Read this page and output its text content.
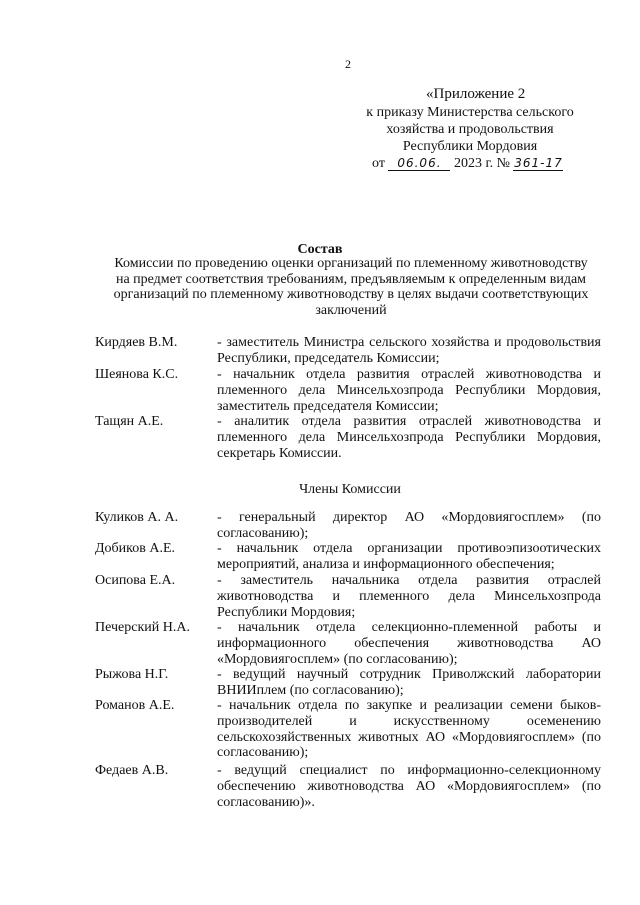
2
«Приложение 2
к приказу Министерства сельского
хозяйства и продовольствия
Республики Мордовия
от 06.06. 2023 г. № 361-17
Состав
Комиссии по проведению оценки организаций по племенному животноводству на предмет соответствия требованиям, предъявляемым к определенным видам организаций по племенному животноводству в целях выдачи соответствующих заключений
Кирдяев В.М.	- заместитель Министра сельского хозяйства и продовольствия Республики, председатель Комиссии;
Шеянова К.С.	- начальник отдела развития отраслей животноводства и племенного дела Минсельхозпрода Республики Мордовия, заместитель председателя Комиссии;
Тащян А.Е.	- аналитик отдела развития отраслей животноводства и племенного дела Минсельхозпрода Республики Мордовия, секретарь Комиссии.
Члены Комиссии
Куликов А. А.	- генеральный директор АО «Мордовиягосплем» (по согласованию);
Добиков А.Е.	- начальник отдела организации противоэпизоотических мероприятий, анализа и информационного обеспечения;
Осипова Е.А.	- заместитель начальника отдела развития отраслей животноводства и племенного дела Минсельхозпрода Республики Мордовия;
Печерский Н.А. - начальник отдела селекционно-племенной работы и информационного обеспечения животноводства АО «Мордовиягосплем» (по согласованию);
Рыжова Н.Г.	- ведущий научный сотрудник Приволжский лаборатории ВНИИплем (по согласованию);
Романов А.Е.	- начальник отдела по закупке и реализации семени быков-производителей и искусственному осеменению сельскохозяйственных животных АО «Мордовиягосплем» (по согласованию);
Федаев А.В.	- ведущий специалист по информационно-селекционному обеспечению животноводства АО «Мордовиягосплем» (по согласованию)».
